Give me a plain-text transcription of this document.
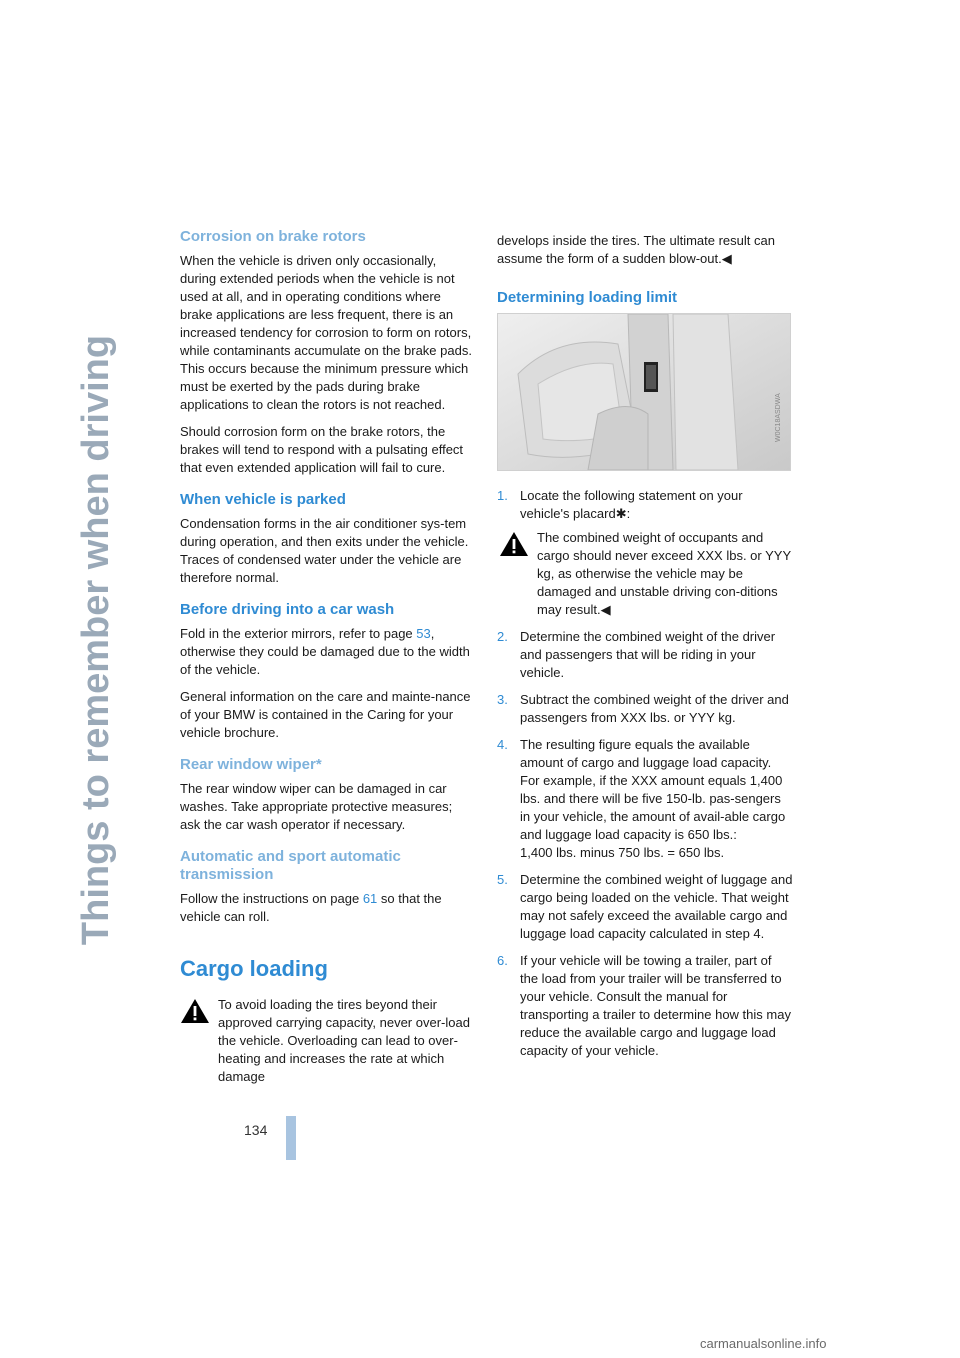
Things to remember when driving
Corrosion on brake rotors

When the vehicle is driven only occasionally, during extended periods when the vehicle is not used at all, and in operating conditions where brake applications are less frequent, there is an increased tendency for corrosion to form on rotors, while contaminants accumulate on the brake pads. This occurs because the minimum pressure which must be exerted by the pads during brake applications to clean the rotors is not reached.

Should corrosion form on the brake rotors, the brakes will tend to respond with a pulsating effect that even extended application will fail to cure.

When vehicle is parked

Condensation forms in the air conditioner sys-tem during operation, and then exits under the vehicle. Traces of condensed water under the vehicle are therefore normal.

Before driving into a car wash

Fold in the exterior mirrors, refer to page 53, otherwise they could be damaged due to the width of the vehicle.

General information on the care and mainte-nance of your BMW is contained in the Caring for your vehicle brochure.

Rear window wiper*

The rear window wiper can be damaged in car washes. Take appropriate protective measures; ask the car wash operator if necessary.

Automatic and sport automatic transmission

Follow the instructions on page 61 so that the vehicle can roll.

Cargo loading

To avoid loading the tires beyond their approved carrying capacity, never over-load the vehicle. Overloading can lead to over-heating and increases the rate at which damage

develops inside the tires. The ultimate result can assume the form of a sudden blow-out.◀

Determining loading limit
W0C18ASDWA
1. Locate the following statement on your vehicle's placard✱:
The combined weight of occupants and cargo should never exceed XXX lbs. or YYY kg, as otherwise the vehicle may be damaged and unstable driving con-ditions may result.◀
2. Determine the combined weight of the driver and passengers that will be riding in your vehicle.
3. Subtract the combined weight of the driver and passengers from XXX lbs. or YYY kg.
4. The resulting figure equals the available amount of cargo and luggage load capacity. For example, if the XXX amount equals 1,400 lbs. and there will be five 150-lb. pas-sengers in your vehicle, the amount of avail-able cargo and luggage load capacity is 650 lbs.:
1,400 lbs. minus 750 lbs. = 650 lbs.
5. Determine the combined weight of luggage and cargo being loaded on the vehicle. That weight may not safely exceed the available cargo and luggage load capacity calculated in step 4.
6. If your vehicle will be towing a trailer, part of the load from your trailer will be transferred to your vehicle. Consult the manual for transporting a trailer to determine how this may reduce the available cargo and luggage load capacity of your vehicle.
134
carmanualsonline.info
